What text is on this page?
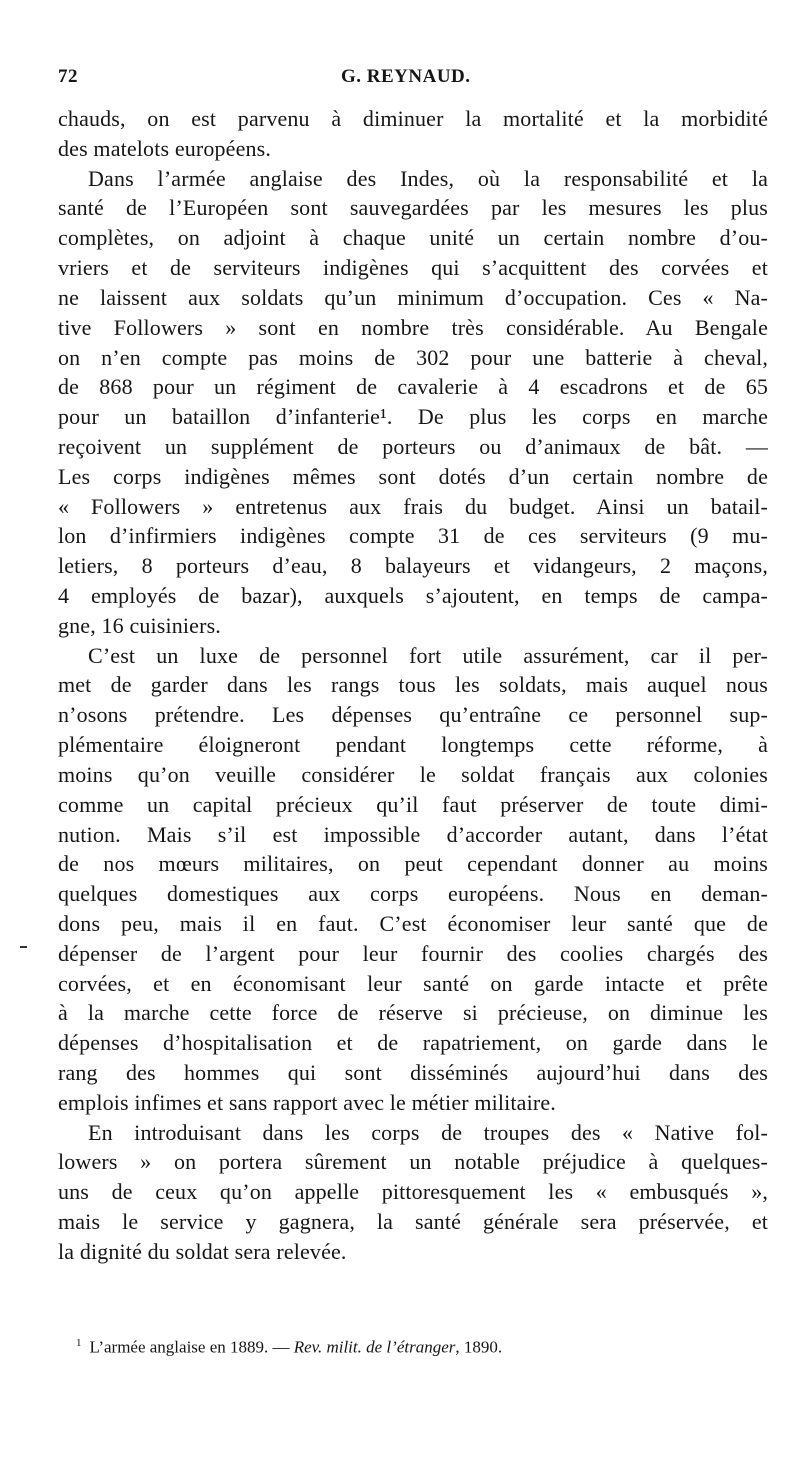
72	G. REYNAUD.
chauds, on est parvenu à diminuer la mortalité et la morbidité
des matelots européens.
Dans l’armée anglaise des Indes, où la responsabilité et la
santé de l’Européen sont sauvegardées par les mesures les plus
complètes, on adjoint à chaque unité un certain nombre d’ou-
vriers et de serviteurs indigènes qui s’acquittent des corvées et
ne laissent aux soldats qu’un minimum d’occupation. Ces « Na-
tive Followers » sont en nombre très considérable. Au Bengale
on n’en compte pas moins de 302 pour une batterie à cheval,
de 868 pour un régiment de cavalerie à 4 escadrons et de 65
pour un bataillon d’infanterie¹. De plus les corps en marche
reçoivent un supplément de porteurs ou d’animaux de bât. —
Les corps indigènes mêmes sont dotés d’un certain nombre de
« Followers » entretenus aux frais du budget. Ainsi un batail-
lon d’infirmiers indigènes compte 31 de ces serviteurs (9 mu-
letiers, 8 porteurs d’eau, 8 balayeurs et vidangeurs, 2 maçons,
4 employés de bazar), auxquels s’ajoutent, en temps de campa-
gne, 16 cuisiniers.
C’est un luxe de personnel fort utile assurément, car il per-
met de garder dans les rangs tous les soldats, mais auquel nous
n’osons prétendre. Les dépenses qu’entraîne ce personnel sup-
plémentaire éloigneront pendant longtemps cette réforme, à
moins qu’on veuille considérer le soldat français aux colonies
comme un capital précieux qu’il faut préserver de toute dimi-
nution. Mais s’il est impossible d’accorder autant, dans l’état
de nos mœurs militaires, on peut cependant donner au moins
quelques domestiques aux corps européens. Nous en deman-
dons peu, mais il en faut. C’est économiser leur santé que de
dépenser de l’argent pour leur fournir des coolies chargés des
corvées, et en économisant leur santé on garde intacte et prête
à la marche cette force de réserve si précieuse, on diminue les
dépenses d’hospitalisation et de rapatriement, on garde dans le
rang des hommes qui sont disséminés aujourd’hui dans des
emplois infimes et sans rapport avec le métier militaire.
En introduisant dans les corps de troupes des « Native fol-
lowers » on portera sûrement un notable préjudice à quelques-
uns de ceux qu’on appelle pittoresquement les « embusqués »,
mais le service y gagnera, la santé générale sera préservée, et
la dignité du soldat sera relevée.
$^1$ L’armée anglaise en 1889. — Rev. milit. de l’étranger, 1890.
